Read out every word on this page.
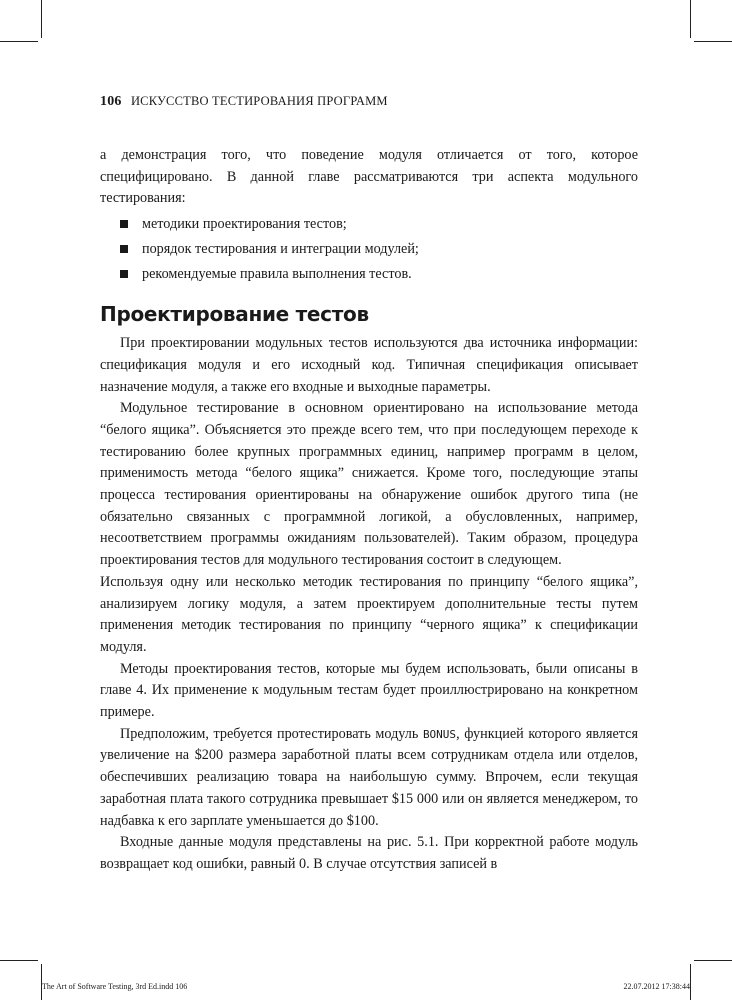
106 ИСКУССТВО ТЕСТИРОВАНИЯ ПРОГРАММ

а демонстрация того, что поведение модуля отличается от того, которое специфицировано. В данной главе рассматриваются три аспекта модульного тестирования:

методики проектирования тестов;
порядок тестирования и интеграции модулей;
рекомендуемые правила выполнения тестов.
Проектирование тестов

При проектировании модульных тестов используются два источника информации: спецификация модуля и его исходный код. Типичная спецификация описывает назначение модуля, а также его входные и выходные параметры.

Модульное тестирование в основном ориентировано на использование метода “белого ящика”. Объясняется это прежде всего тем, что при последующем переходе к тестированию более крупных программных единиц, например программ в целом, применимость метода “белого ящика” снижается. Кроме того, последующие этапы процесса тестирования ориентированы на обнаружение ошибок другого типа (не обязательно связанных с программной логикой, а обусловленных, например, несоответствием программы ожиданиям пользователей). Таким образом, процедура проектирования тестов для модульного тестирования состоит в следующем.

Используя одну или несколько методик тестирования по принципу “белого ящика”, анализируем логику модуля, а затем проектируем дополнительные тесты путем применения методик тестирования по принципу “черного ящика” к спецификации модуля.

Методы проектирования тестов, которые мы будем использовать, были описаны в главе 4. Их применение к модульным тестам будет проиллюстрировано на конкретном примере.

Предположим, требуется протестировать модуль BONUS, функцией которого является увеличение на $200 размера заработной платы всем сотрудникам отдела или отделов, обеспечивших реализацию товара на наибольшую сумму. Впрочем, если текущая заработная плата такого сотрудника превышает $15 000 или он является менеджером, то надбавка к его зарплате уменьшается до $100.

Входные данные модуля представлены на рис. 5.1. При корректной работе модуль возвращает код ошибки, равный 0. В случае отсутствия записей в

The Art of Software Testing, 3rd Ed.indd 106	22.07.2012 17:38:44
